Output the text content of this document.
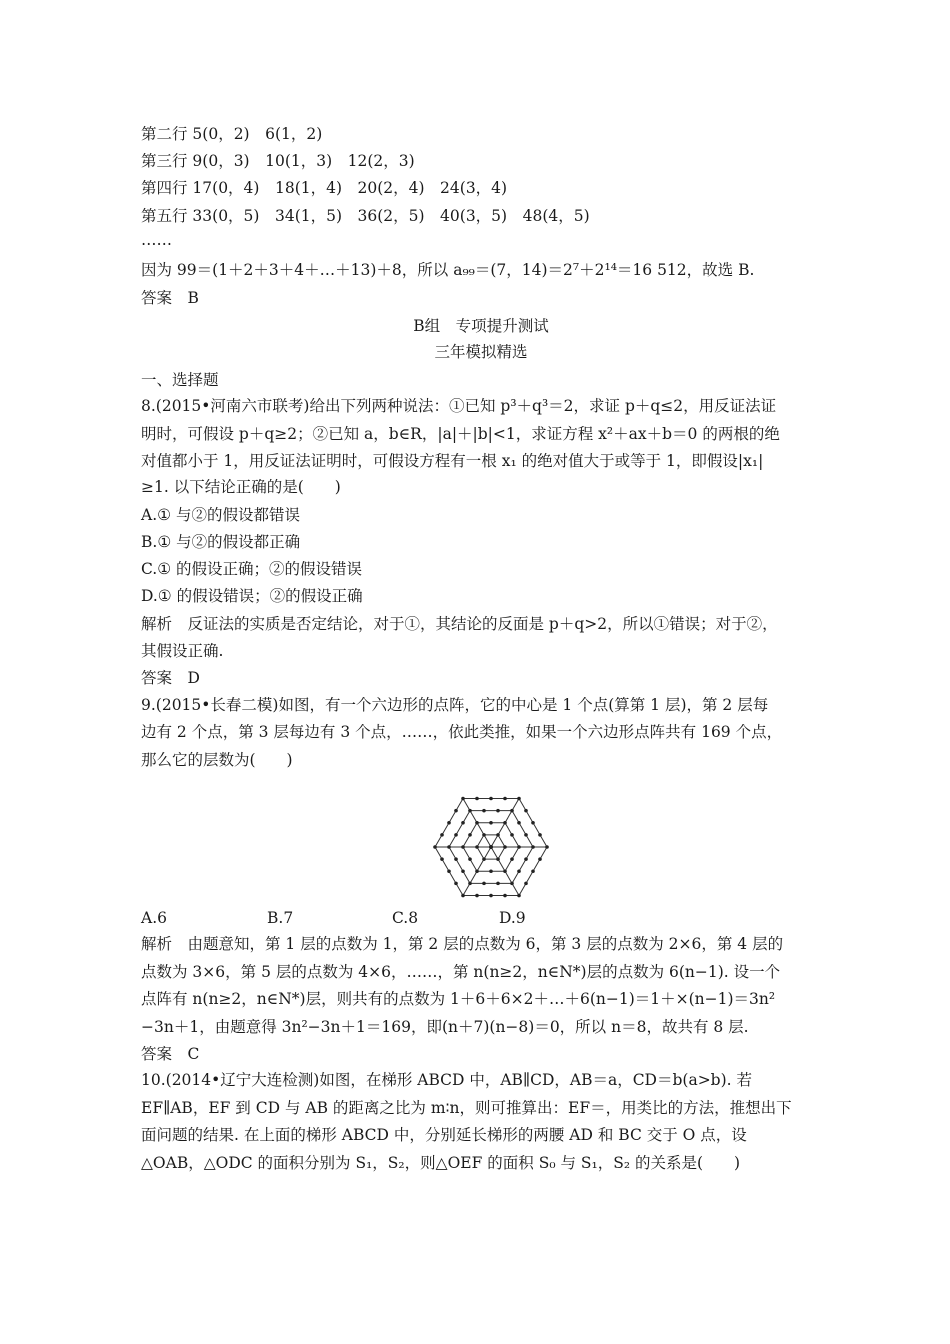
第二行 5(0，2)　6(1，2)
第三行 9(0，3)　10(1，3)　12(2，3)
第四行 17(0，4)　18(1，4)　20(2，4)　24(3，4)
第五行 33(0，5)　34(1，5)　36(2，5)　40(3，5)　48(4，5)
……
因为 99＝(1＋2＋3＋4＋…＋13)＋8，所以 a₉₉＝(7，14)＝2⁷＋2¹⁴＝16 512，故选 B.
答案　B
B组　专项提升测试
三年模拟精选
一、选择题
8.(2015•河南六市联考)给出下列两种说法：①已知 p³＋q³＝2，求证 p＋q≤2，用反证法证
明时，可假设 p＋q≥2；②已知 a，b∈R，|a|＋|b|<1，求证方程 x²＋ax＋b＝0 的两根的绝
对值都小于 1，用反证法证明时，可假设方程有一根 x₁ 的绝对值大于或等于 1，即假设|x₁|
≥1. 以下结论正确的是(　　)
A.① 与②的假设都错误
B.① 与②的假设都正确
C.① 的假设正确；②的假设错误
D.① 的假设错误；②的假设正确
解析　反证法的实质是否定结论，对于①，其结论的反面是 p＋q>2，所以①错误；对于②，
其假设正确.
答案　D
9.(2015•长春二模)如图，有一个六边形的点阵，它的中心是 1 个点(算第 1 层)，第 2 层每
边有 2 个点，第 3 层每边有 3 个点，……，依此类推，如果一个六边形点阵共有 169 个点，
那么它的层数为(　　)
A.6	B.7	C.8	D.9
解析　由题意知，第 1 层的点数为 1，第 2 层的点数为 6，第 3 层的点数为 2×6，第 4 层的
点数为 3×6，第 5 层的点数为 4×6，……，第 n(n≥2，n∈N*)层的点数为 6(n−1). 设一个
点阵有 n(n≥2，n∈N*)层，则共有的点数为 1＋6＋6×2＋…＋6(n−1)＝1＋×(n−1)＝3n²
−3n＋1，由题意得 3n²−3n＋1＝169，即(n＋7)(n−8)＝0，所以 n＝8，故共有 8 层.
答案　C
10.(2014•辽宁大连检测)如图，在梯形 ABCD 中，AB∥CD，AB＝a，CD＝b(a>b). 若
EF∥AB，EF 到 CD 与 AB 的距离之比为 m∶n，则可推算出：EF＝，用类比的方法，推想出下
面问题的结果. 在上面的梯形 ABCD 中，分别延长梯形的两腰 AD 和 BC 交于 O 点，设
△OAB，△ODC 的面积分别为 S₁，S₂，则△OEF 的面积 S₀ 与 S₁，S₂ 的关系是(　　)
